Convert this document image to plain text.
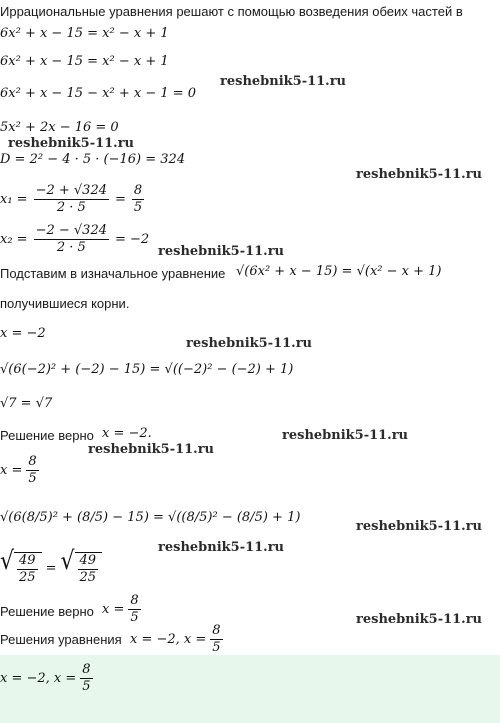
Иррациональные уравнения решают с помощью возведения обеих частей в
6x² + x − 15 = x² − x + 1
6x² + x − 15 = x² − x + 1
6x² + x − 15 − x² + x − 1 = 0
reshebnik5-11.ru
5x² + 2x − 16 = 0
reshebnik5-11.ru
D = 2² − 4 · 5 · (−16) = 324
reshebnik5-11.ru
$x_1 = \frac{-2 + √324}{2 \cdot 5} = \frac{8}{5}$
$x_2 = \frac{-2 - √324}{2 \cdot 5} = -2$
reshebnik5-11.ru
Подставим в изначальное уравнение √(6x² + x − 15) = √(x² − x + 1)
получившиеся корни.
x = −2
reshebnik5-11.ru
√(6(−2)² + (−2) − 15) = √((−2)² − (−2) + 1)
√7 = √7
Решение верно x = −2.	reshebnik5-11.ru
reshebnik5-11.ru
$x = \frac{8}{5}$
√(6(8/5)² + (8/5) − 15) = √((8/5)² − (8/5) + 1)
reshebnik5-11.ru
reshebnik5-11.ru
√ $\frac{49}{25}$ = √ $\frac{49}{25}$
Решение верно $x = \frac{8}{5}$	reshebnik5-11.ru
Решения уравнения x = −2, $x = \frac{8}{5}$
x = −2, $x = \frac{8}{5}$
